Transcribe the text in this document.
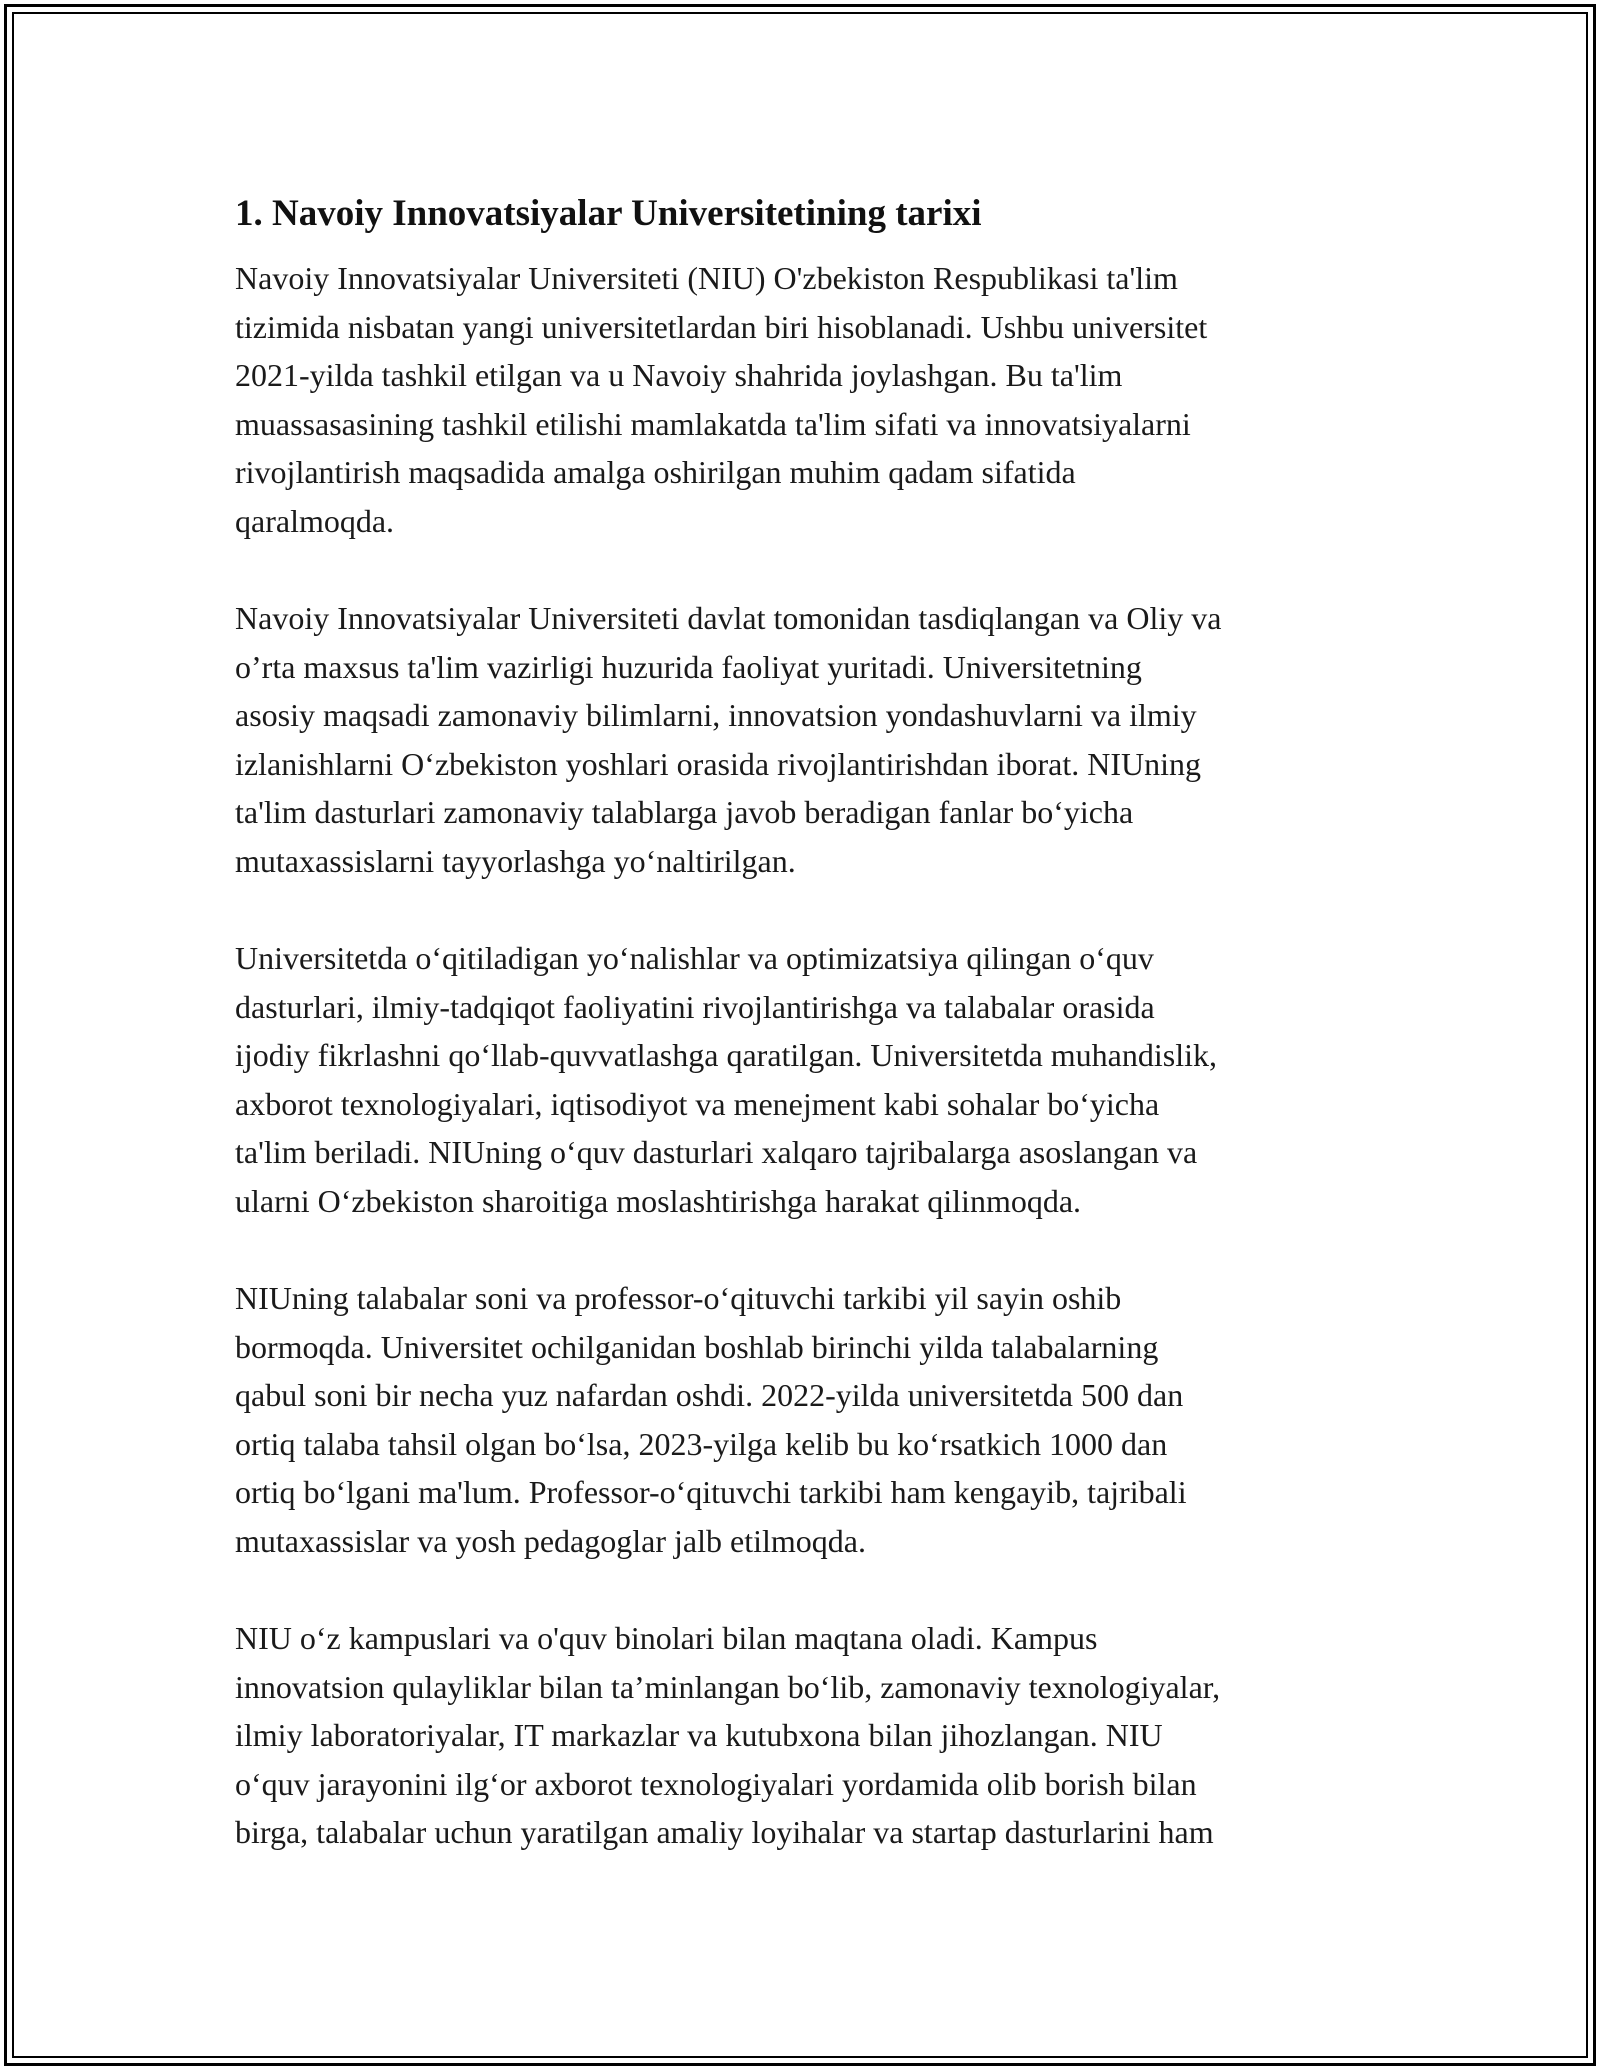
1. Navoiy Innovatsiyalar Universitetining tarixi

Navoiy Innovatsiyalar Universiteti (NIU) O'zbekiston Respublikasi ta'lim
tizimida nisbatan yangi universitetlardan biri hisoblanadi. Ushbu universitet
2021-yilda tashkil etilgan va u Navoiy shahrida joylashgan. Bu ta'lim
muassasasining tashkil etilishi mamlakatda ta'lim sifati va innovatsiyalarni
rivojlantirish maqsadida amalga oshirilgan muhim qadam sifatida
qaralmoqda.

Navoiy Innovatsiyalar Universiteti davlat tomonidan tasdiqlangan va Oliy va
o’rta maxsus ta'lim vazirligi huzurida faoliyat yuritadi. Universitetning
asosiy maqsadi zamonaviy bilimlarni, innovatsion yondashuvlarni va ilmiy
izlanishlarni O‘zbekiston yoshlari orasida rivojlantirishdan iborat. NIUning
ta'lim dasturlari zamonaviy talablarga javob beradigan fanlar bo‘yicha
mutaxassislarni tayyorlashga yo‘naltirilgan.

Universitetda o‘qitiladigan yo‘nalishlar va optimizatsiya qilingan o‘quv
dasturlari, ilmiy-tadqiqot faoliyatini rivojlantirishga va talabalar orasida
ijodiy fikrlashni qo‘llab-quvvatlashga qaratilgan. Universitetda muhandislik,
axborot texnologiyalari, iqtisodiyot va menejment kabi sohalar bo‘yicha
ta'lim beriladi. NIUning o‘quv dasturlari xalqaro tajribalarga asoslangan va
ularni O‘zbekiston sharoitiga moslashtirishga harakat qilinmoqda.

NIUning talabalar soni va professor-o‘qituvchi tarkibi yil sayin oshib
bormoqda. Universitet ochilganidan boshlab birinchi yilda talabalarning
qabul soni bir necha yuz nafardan oshdi. 2022-yilda universitetda 500 dan
ortiq talaba tahsil olgan bo‘lsa, 2023-yilga kelib bu ko‘rsatkich 1000 dan
ortiq bo‘lgani ma'lum. Professor-o‘qituvchi tarkibi ham kengayib, tajribali
mutaxassislar va yosh pedagoglar jalb etilmoqda.

NIU o‘z kampuslari va o'quv binolari bilan maqtana oladi. Kampus
innovatsion qulayliklar bilan ta’minlangan bo‘lib, zamonaviy texnologiyalar,
ilmiy laboratoriyalar, IT markazlar va kutubxona bilan jihozlangan. NIU
o‘quv jarayonini ilg‘or axborot texnologiyalari yordamida olib borish bilan
birga, talabalar uchun yaratilgan amaliy loyihalar va startap dasturlarini ham
